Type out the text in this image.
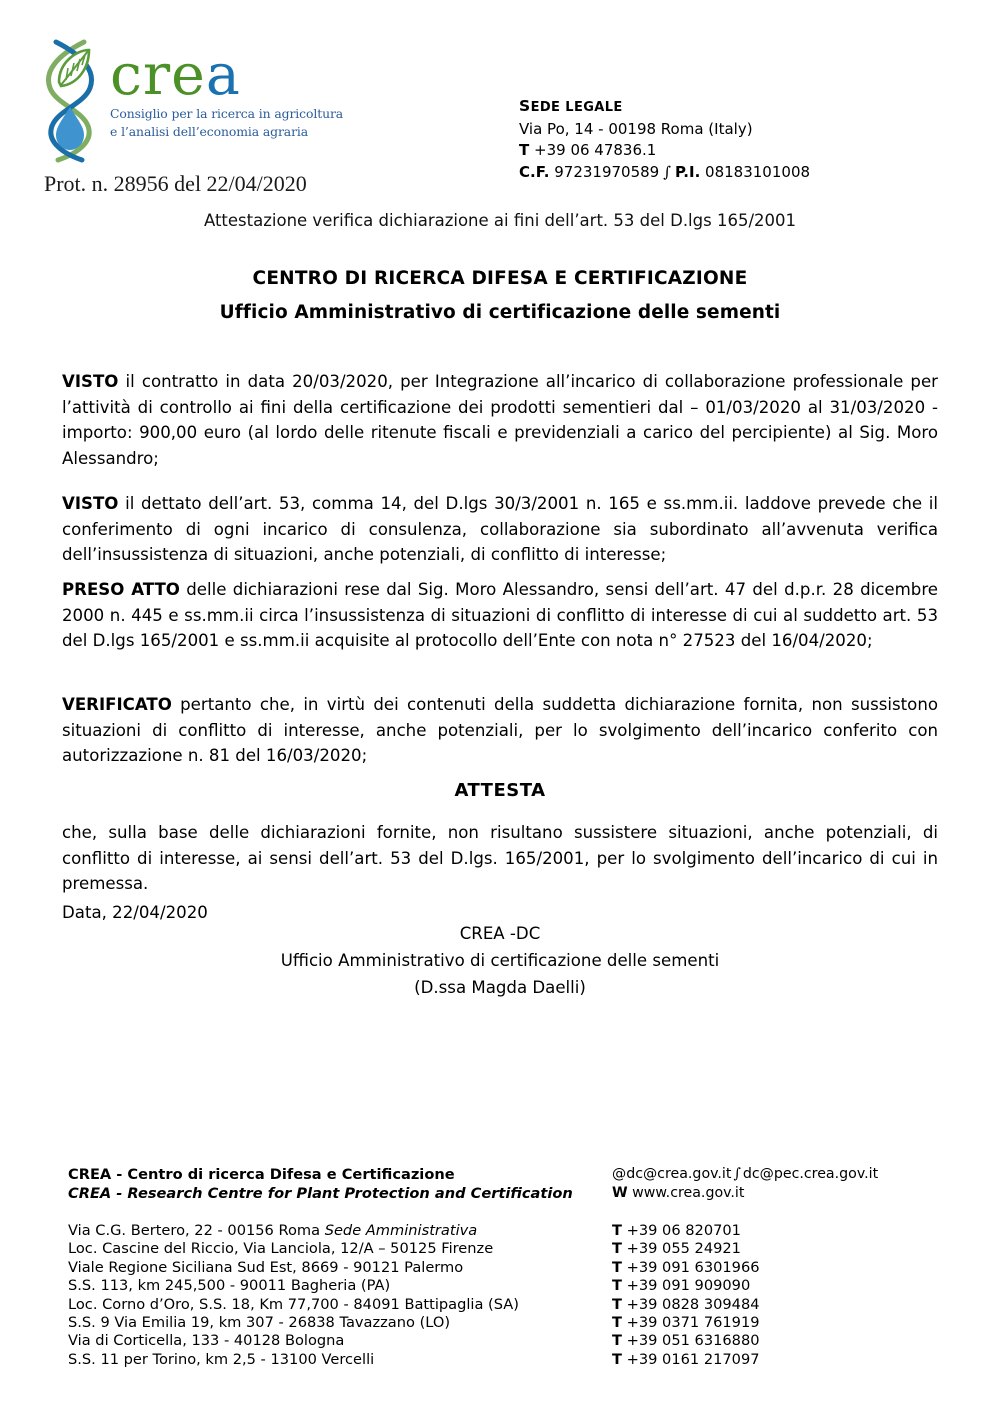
crea
Consiglio per la ricerca in agricoltura
e l’analisi dell’economia agraria
Prot. n. 28956 del 22/04/2020
SEDE LEGALE
Via Po, 14 - 00198 Roma (Italy)
T +39 06 47836.1
C.F. 97231970589 ∫ P.I. 08183101008
Attestazione verifica dichiarazione ai fini dell’art. 53 del D.lgs 165/2001
CENTRO DI RICERCA DIFESA E CERTIFICAZIONE
Ufficio Amministrativo di certificazione delle sementi
VISTO il contratto in data 20/03/2020, per Integrazione all’incarico di collaborazione professionale per l’attività di controllo ai fini della certificazione dei prodotti sementieri dal – 01/03/2020 al 31/03/2020 - importo: 900,00 euro (al lordo delle ritenute fiscali e previdenziali a carico del percipiente) al Sig. Moro Alessandro;
VISTO il dettato dell’art. 53, comma 14, del D.lgs 30/3/2001 n. 165 e ss.mm.ii. laddove prevede che il conferimento di ogni incarico di consulenza, collaborazione sia subordinato all’avvenuta verifica dell’insussistenza di situazioni, anche potenziali, di conflitto di interesse;
PRESO ATTO delle dichiarazioni rese dal Sig. Moro Alessandro, sensi dell’art. 47 del d.p.r. 28 dicembre 2000 n. 445 e ss.mm.ii circa l’insussistenza di situazioni di conflitto di interesse di cui al suddetto art. 53 del D.lgs 165/2001 e ss.mm.ii acquisite al protocollo dell’Ente con nota n° 27523 del 16/04/2020;
VERIFICATO pertanto che, in virtù dei contenuti della suddetta dichiarazione fornita, non sussistono situazioni di conflitto di interesse, anche potenziali, per lo svolgimento dell’incarico conferito con autorizzazione n. 81 del 16/03/2020;
ATTESTA
che, sulla base delle dichiarazioni fornite, non risultano sussistere situazioni, anche potenziali, di conflitto di interesse, ai sensi dell’art. 53 del D.lgs. 165/2001, per lo svolgimento dell’incarico di cui in premessa.
Data, 22/04/2020
CREA -DC
Ufficio Amministrativo di certificazione delle sementi
(D.ssa Magda Daelli)
CREA - Centro di ricerca Difesa e Certificazione
CREA - Research Centre for Plant Protection and Certification
@dc@crea.gov.it ∫ dc@pec.crea.gov.it
W www.crea.gov.it
Via C.G. Bertero, 22 - 00156 Roma Sede Amministrativa	T +39 06 820701
Loc. Cascine del Riccio, Via Lanciola, 12/A – 50125 Firenze	T +39 055 24921
Viale Regione Siciliana Sud Est, 8669 - 90121 Palermo	T +39 091 6301966
S.S. 113, km 245,500 - 90011 Bagheria (PA)	T +39 091 909090
Loc. Corno d’Oro, S.S. 18, Km 77,700 - 84091 Battipaglia (SA)	T +39 0828 309484
S.S. 9 Via Emilia 19, km 307 - 26838 Tavazzano (LO)	T +39 0371 761919
Via di Corticella, 133 - 40128 Bologna	T +39 051 6316880
S.S. 11 per Torino, km 2,5 - 13100 Vercelli	T +39 0161 217097
